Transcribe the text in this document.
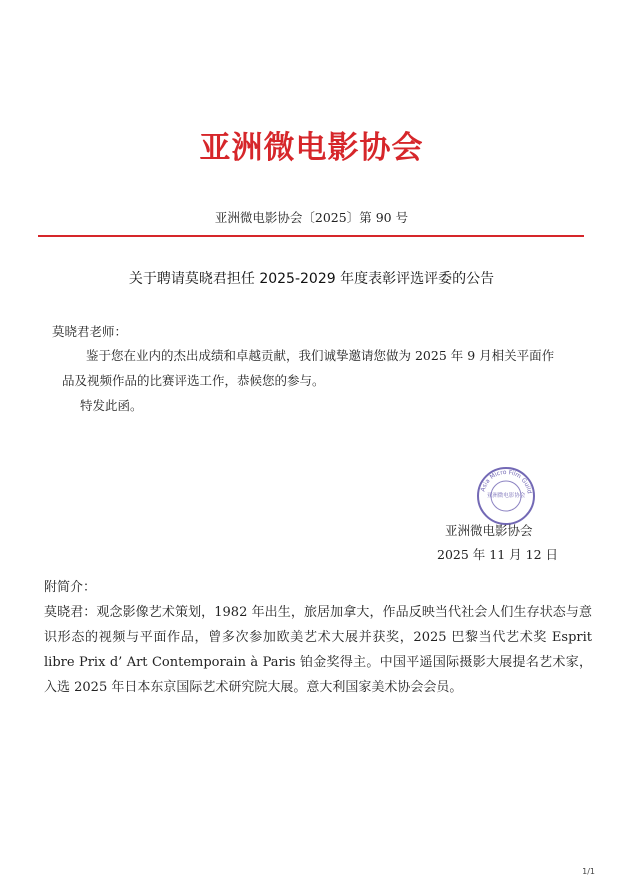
亚洲微电影协会
亚洲微电影协会〔2025〕第 90 号
关于聘请莫晓君担任 2025-2029 年度表彰评选评委的公告
莫晓君老师：
鉴于您在业内的杰出成绩和卓越贡献，我们诚挚邀请您做为 2025 年 9 月相关平面作品及视频作品的比赛评选工作，恭候您的参与。
特发此函。
Asia Micro Film Guild
亚洲微电影协会
亚洲微电影协会
2025 年 11 月 12 日
附简介：
莫晓君：观念影像艺术策划，1982 年出生，旅居加拿大，作品反映当代社会人们生存状态与意识形态的视频与平面作品，曾多次参加欧美艺术大展并获奖，2025 巴黎当代艺术奖 Esprit libre Prix d’ Art Contemporain à Paris 铂金奖得主。中国平遥国际摄影大展提名艺术家，入选 2025 年日本东京国际艺术研究院大展。意大利国家美术协会会员。
1/1
